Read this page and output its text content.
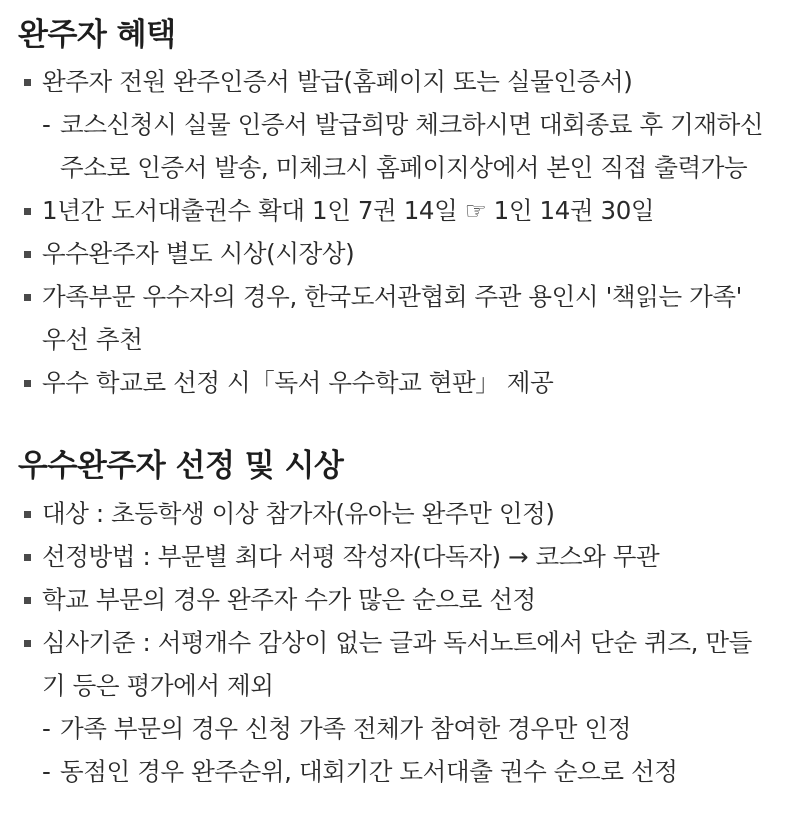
완주자 혜택
완주자 전원 완주인증서 발급(홈페이지 또는 실물인증서)
- 코스신청시 실물 인증서 발급희망 체크하시면 대회종료 후 기재하신 주소로 인증서 발송, 미체크시 홈페이지상에서 본인 직접 출력가능
1년간 도서대출권수 확대 1인 7권 14일 ☞ 1인 14권 30일
우수완주자 별도 시상(시장상)
가족부문 우수자의 경우, 한국도서관협회 주관 용인시 '책읽는 가족' 우선 추천
우수 학교로 선정 시「독서 우수학교 현판」 제공
우수완주자 선정 및 시상
대상 : 초등학생 이상 참가자(유아는 완주만 인정)
선정방법 : 부문별 최다 서평 작성자(다독자) → 코스와 무관
학교 부문의 경우 완주자 수가 많은 순으로 선정
심사기준 : 서평개수 감상이 없는 글과 독서노트에서 단순 퀴즈, 만들기 등은 평가에서 제외
- 가족 부문의 경우 신청 가족 전체가 참여한 경우만 인정
- 동점인 경우 완주순위, 대회기간 도서대출 권수 순으로 선정
